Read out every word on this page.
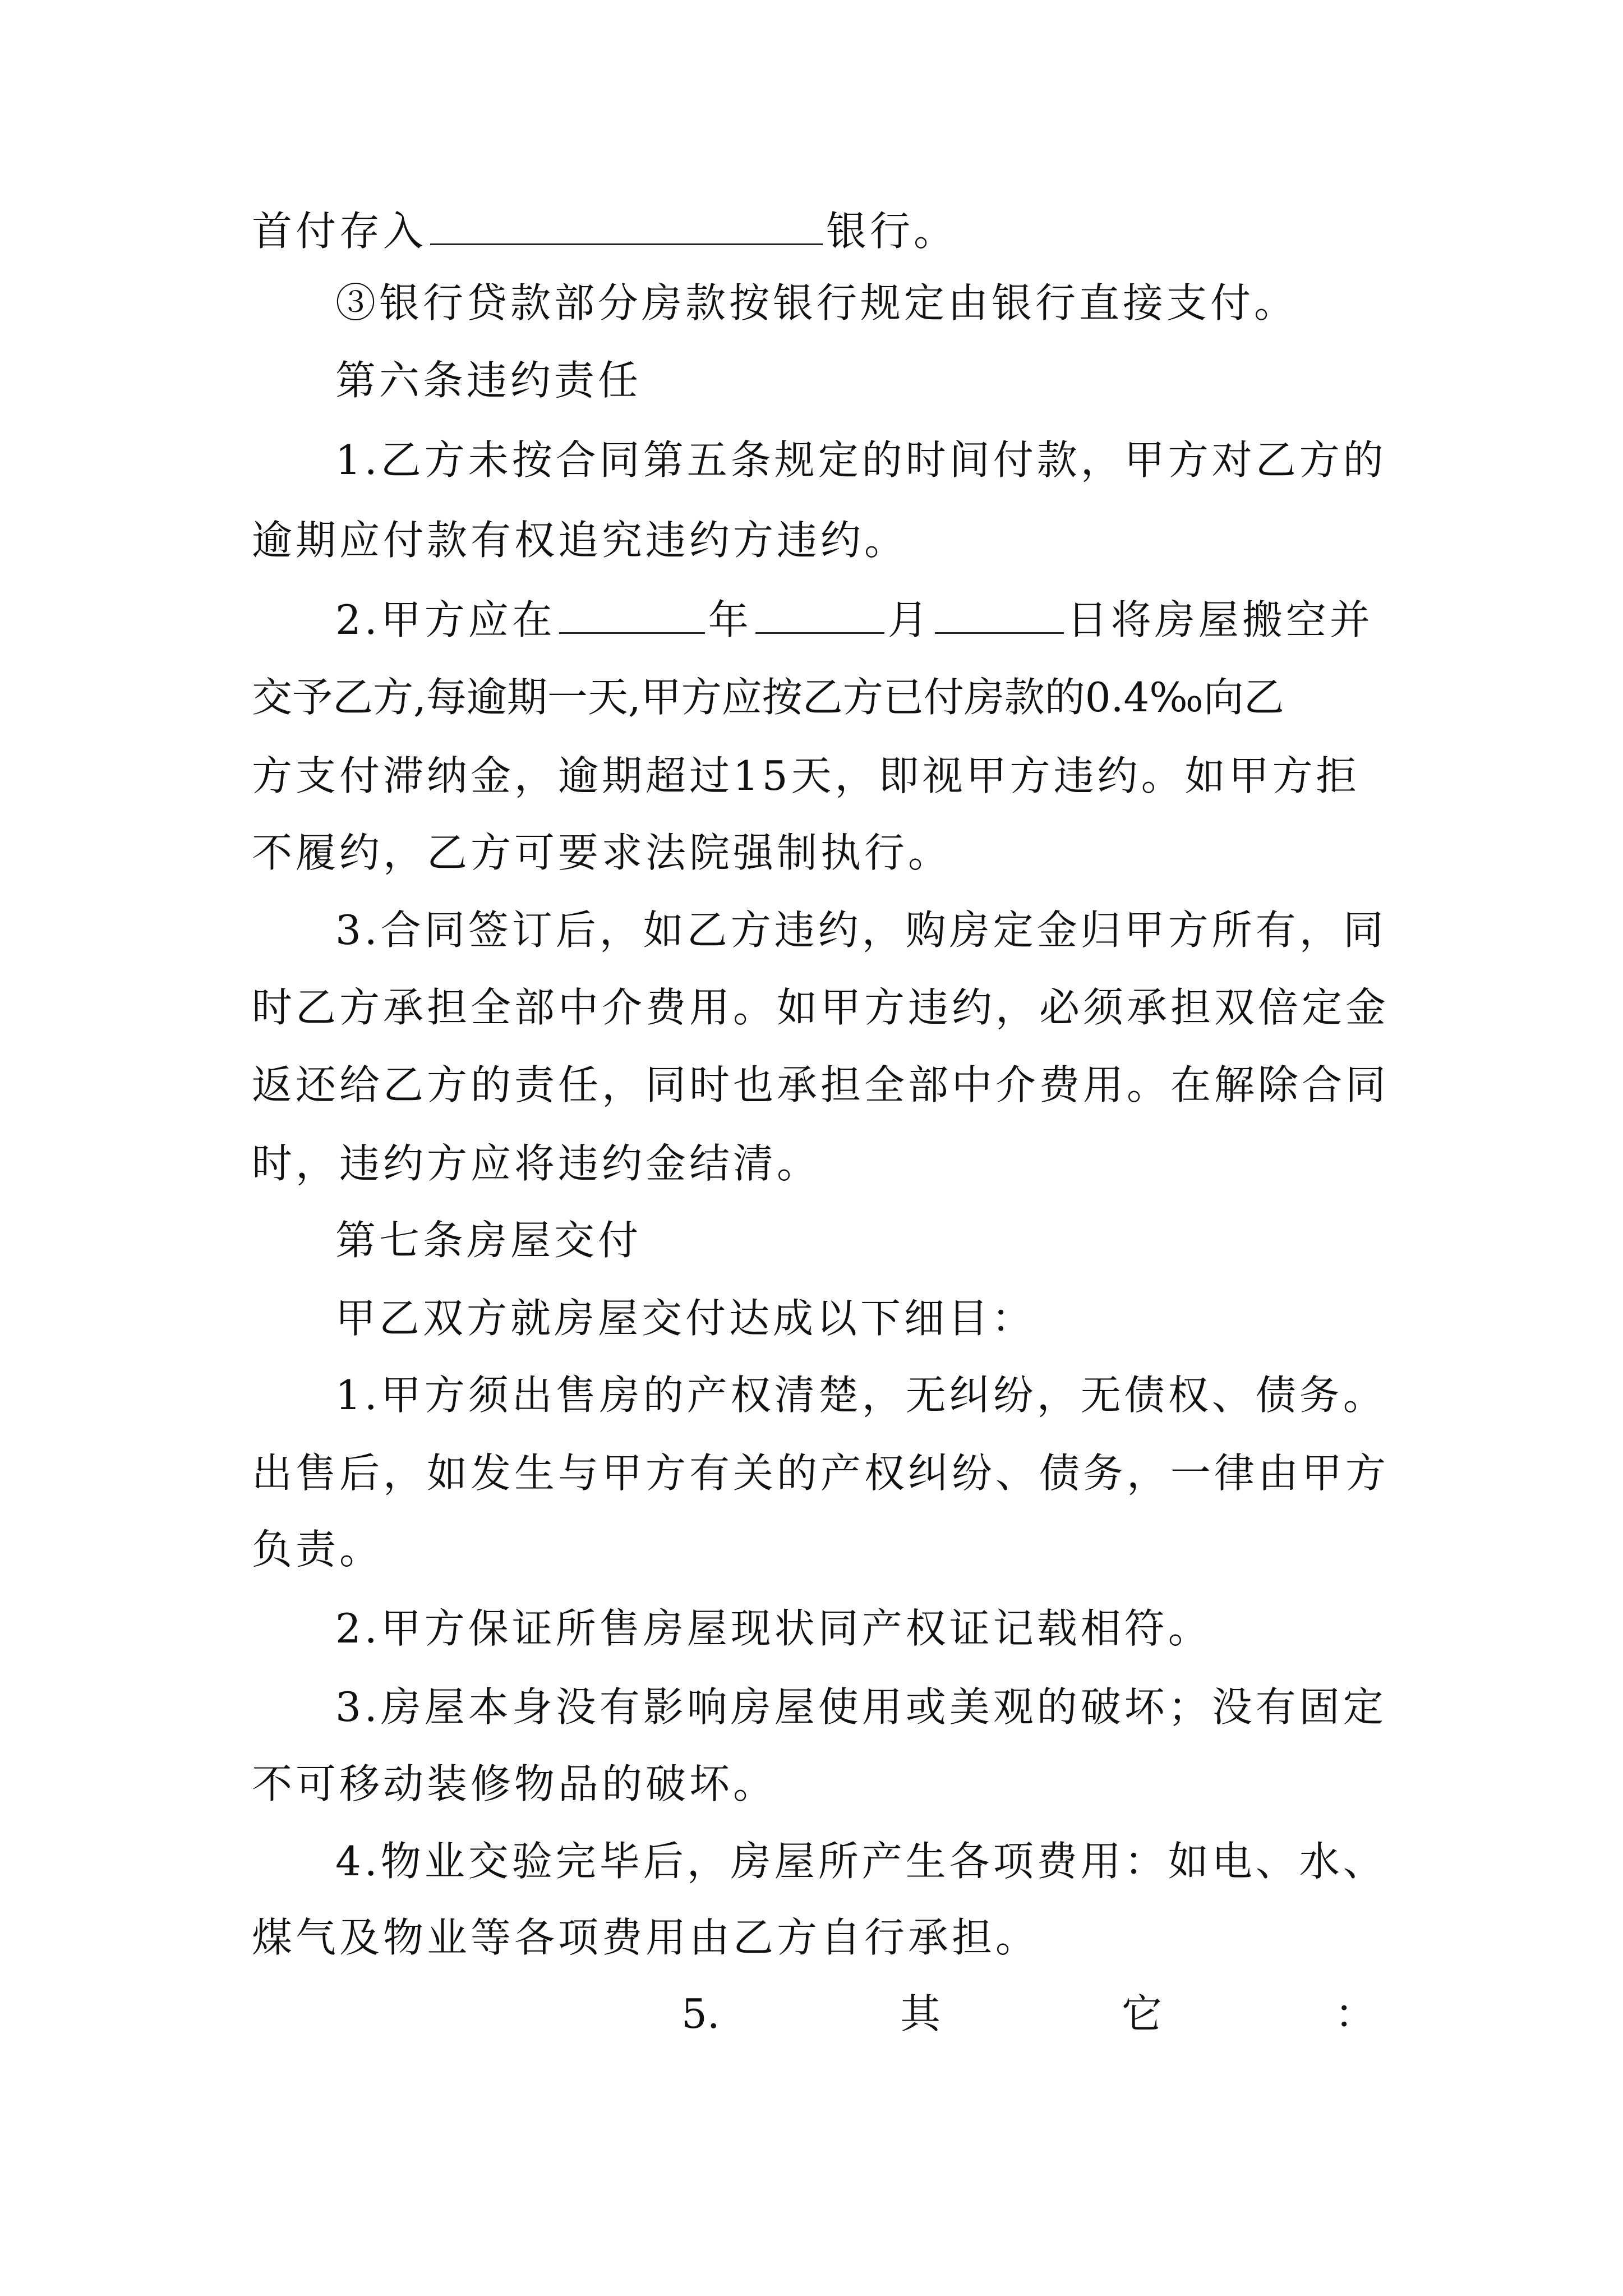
首付存入	银行。
③银行贷款部分房款按银行规定由银行直接支付。
第六条违约责任
1.乙方未按合同第五条规定的时间付款，甲方对乙方的
逾期应付款有权追究违约方违约。
2.甲方应在	年	月	日将房屋搬空并
交予乙方,每逾期一天,甲方应按乙方已付房款的0.4‰向乙
方支付滞纳金，逾期超过15天，即视甲方违约。如甲方拒
不履约，乙方可要求法院强制执行。
3.合同签订后，如乙方违约，购房定金归甲方所有，同
时乙方承担全部中介费用。如甲方违约，必须承担双倍定金
返还给乙方的责任，同时也承担全部中介费用。在解除合同
时，违约方应将违约金结清。
第七条房屋交付
甲乙双方就房屋交付达成以下细目：
1.甲方须出售房的产权清楚，无纠纷，无债权、债务。
出售后，如发生与甲方有关的产权纠纷、债务，一律由甲方
负责。
2.甲方保证所售房屋现状同产权证记载相符。
3.房屋本身没有影响房屋使用或美观的破坏；没有固定
不可移动装修物品的破坏。
4.物业交验完毕后，房屋所产生各项费用：如电、水、
煤气及物业等各项费用由乙方自行承担。
5.	其	它	：
